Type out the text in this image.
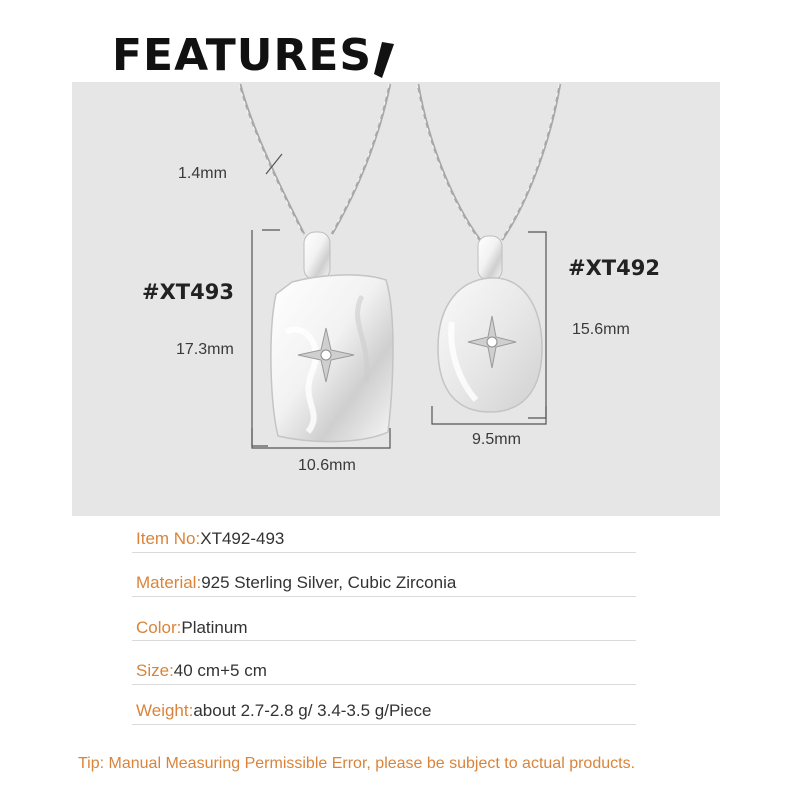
FEATURES
1.4mm
#XT493
17.3mm
10.6mm
#XT492
15.6mm
9.5mm
Item No:XT492-493
Material:925 Sterling Silver, Cubic Zirconia
Color:Platinum
Size:40 cm+5 cm
Weight:about 2.7-2.8 g/ 3.4-3.5 g/Piece
Tip: Manual Measuring Permissible Error, please be subject to actual products.
